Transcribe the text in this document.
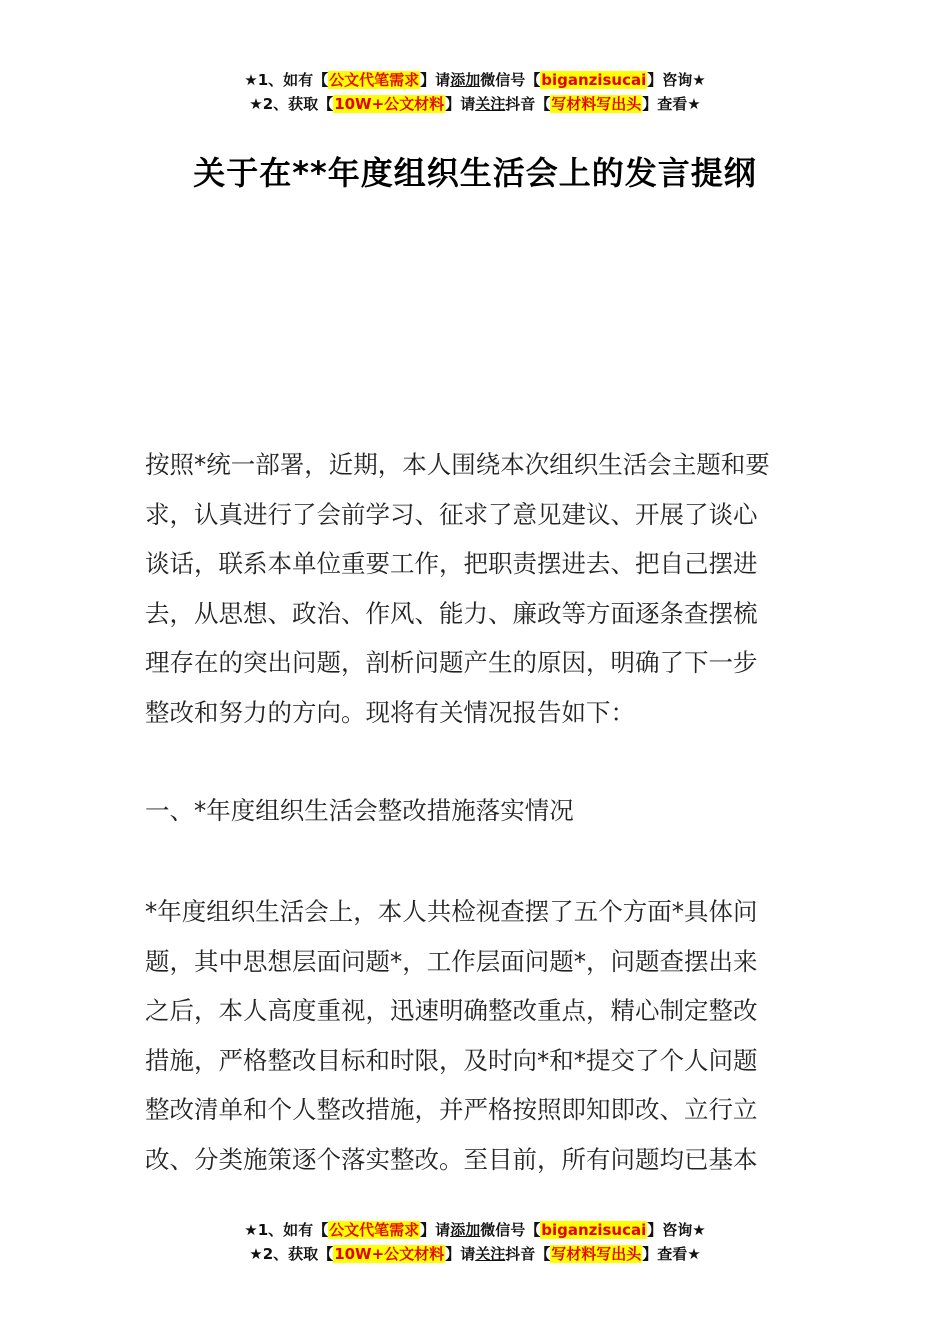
★1、如有【公文代笔需求】请添加微信号【biganzisucai】咨询★
★2、获取【10W+公文材料】请关注抖音【写材料写出头】查看★
关于在**年度组织生活会上的发言提纲
按照*统一部署，近期，本人围绕本次组织生活会主题和要
求，认真进行了会前学习、征求了意见建议、开展了谈心
谈话，联系本单位重要工作，把职责摆进去、把自己摆进
去，从思想、政治、作风、能力、廉政等方面逐条查摆梳
理存在的突出问题，剖析问题产生的原因，明确了下一步
整改和努力的方向。现将有关情况报告如下：
一、*年度组织生活会整改措施落实情况
*年度组织生活会上，本人共检视查摆了五个方面*具体问
题，其中思想层面问题*，工作层面问题*，问题查摆出来
之后，本人高度重视，迅速明确整改重点，精心制定整改
措施，严格整改目标和时限，及时向*和*提交了个人问题
整改清单和个人整改措施，并严格按照即知即改、立行立
改、分类施策逐个落实整改。至目前，所有问题均已基本
★1、如有【公文代笔需求】请添加微信号【biganzisucai】咨询★
★2、获取【10W+公文材料】请关注抖音【写材料写出头】查看★
